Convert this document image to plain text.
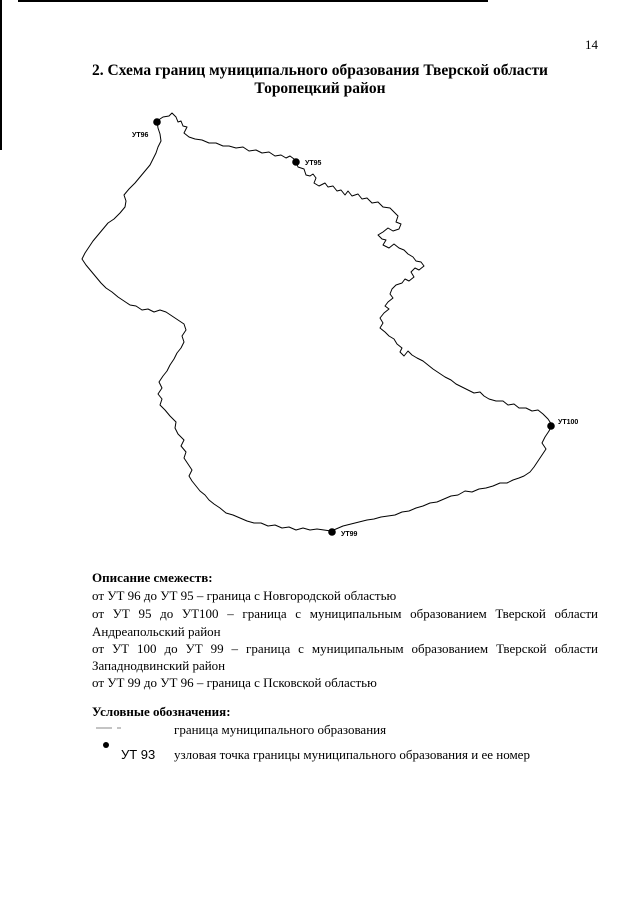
14
2. Схема границ муниципального образования Тверской области
Торопецкий район
УТ96
УТ95
УТ100
УТ99
Описание смежеств:
от УТ 96 до УТ 95 – граница с Новгородской областью
от УТ 95 до УТ100 – граница с муниципальным образованием Тверской области
Андреапольский район
от УТ 100 до УТ 99 – граница с муниципальным образованием Тверской области
Западнодвинский район
от УТ 99 до УТ 96 – граница с Псковской областью
Условные обозначения:
граница муниципального образования
УТ 93 узловая точка границы муниципального образования и ее номер
